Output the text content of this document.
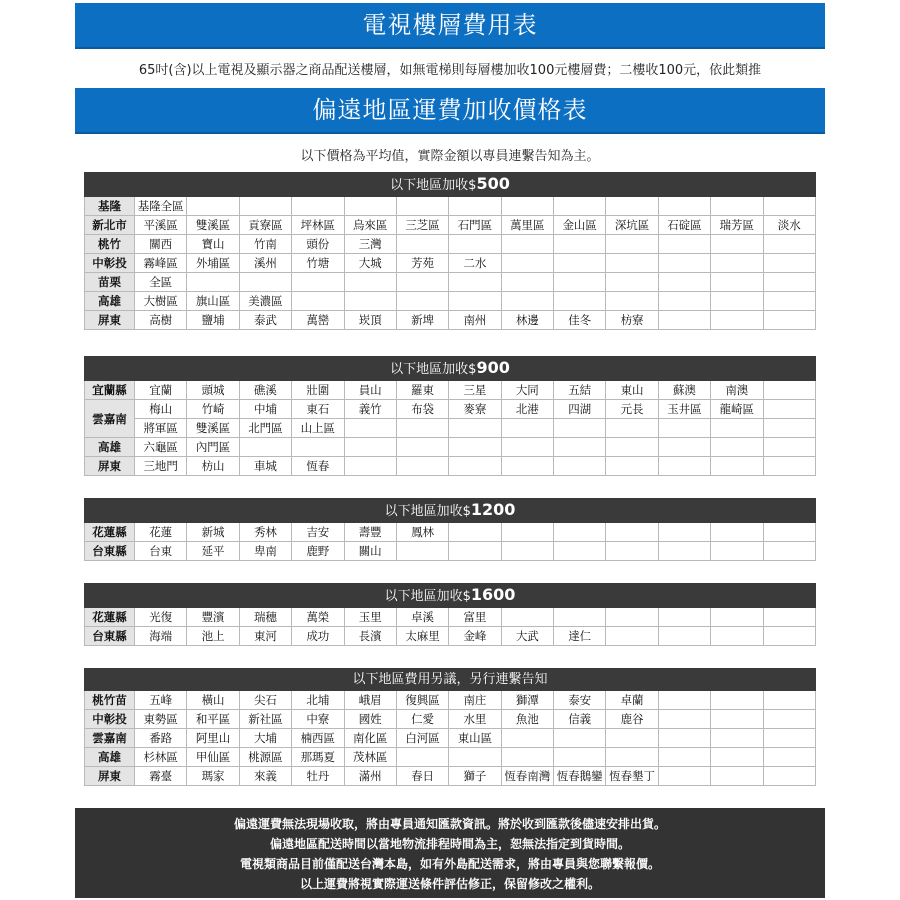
電視樓層費用表
65吋(含)以上電視及顯示器之商品配送樓層，如無電梯則每層樓加收100元樓層費；二樓收100元，依此類推
偏遠地區運費加收價格表
以下價格為平均值，實際金額以專員連繫告知為主。
以下地區加收$500													
基隆	基隆全區												
新北市	平溪區	雙溪區	貢寮區	坪林區	烏來區	三芝區	石門區	萬里區	金山區	深坑區	石碇區	瑞芳區	淡水
桃竹	關西	寶山	竹南	頭份	三灣								
中彰投	霧峰區	外埔區	溪州	竹塘	大城	芳苑	二水						
苗栗	全區												
高雄	大樹區	旗山區	美濃區										
屏東	高樹	鹽埔	泰武	萬巒	崁頂	新埤	南州	林邊	佳冬	枋寮			
以下地區加收$900													
宜蘭縣	宜蘭	頭城	礁溪	壯圍	員山	羅東	三星	大同	五結	東山	蘇澳	南澳	
雲嘉南	梅山	竹崎	中埔	東石	義竹	布袋	麥寮	北港	四湖	元長	玉井區	龍崎區	
	將軍區	雙溪區	北門區	山上區									
高雄	六龜區	內門區											
屏東	三地門	枋山	車城	恆春									
以下地區加收$1200													
花蓮縣	花蓮	新城	秀林	吉安	壽豐	鳳林							
台東縣	台東	延平	卑南	鹿野	關山								
以下地區加收$1600													
花蓮縣	光復	豐濱	瑞穗	萬榮	玉里	卓溪	富里						
台東縣	海端	池上	東河	成功	長濱	太麻里	金峰	大武	達仁				
以下地區費用另議，另行連繫告知													
桃竹苗	五峰	橫山	尖石	北埔	峨眉	復興區	南庄	獅潭	泰安	卓蘭			
中彰投	東勢區	和平區	新社區	中寮	國姓	仁愛	水里	魚池	信義	鹿谷			
雲嘉南	番路	阿里山	大埔	楠西區	南化區	白河區	東山區						
高雄	杉林區	甲仙區	桃源區	那瑪夏	茂林區								
屏東	霧臺	瑪家	來義	牡丹	滿州	春日	獅子	恆春南灣	恆春鵝鑾	恆春墾丁			
偏遠運費無法現場收取，將由專員通知匯款資訊。將於收到匯款後儘速安排出貨。
偏遠地區配送時間以當地物流排程時間為主，恕無法指定到貨時間。
電視類商品目前僅配送台灣本島，如有外島配送需求，將由專員與您聯繫報價。
以上運費將視實際運送條件評估修正，保留修改之權利。
